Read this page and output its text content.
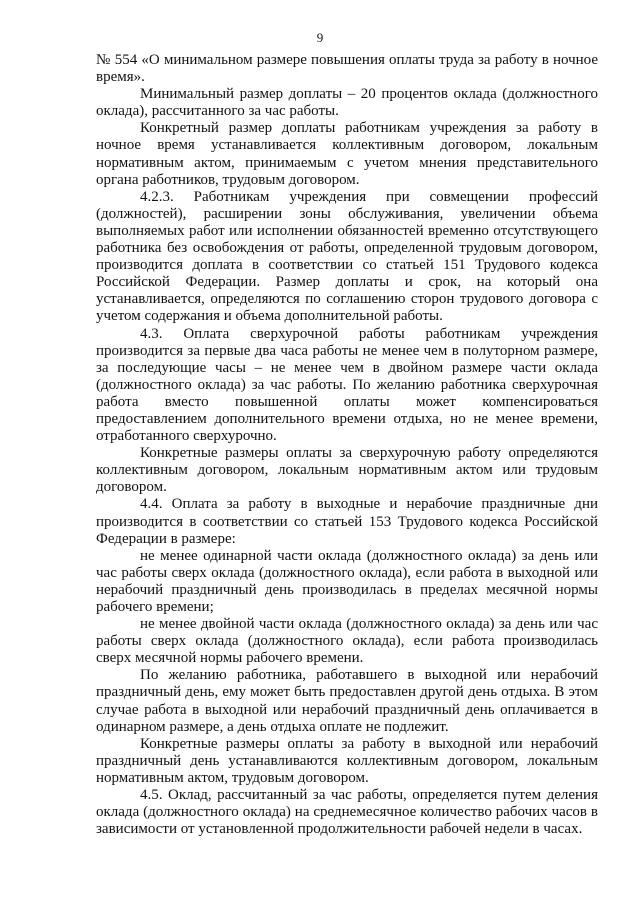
9

№ 554 «О минимальном размере повышения оплаты труда за работу в ночное время».

Минимальный размер доплаты – 20 процентов оклада (должностного оклада), рассчитанного за час работы.

Конкретный размер доплаты работникам учреждения за работу в ночное время устанавливается коллективным договором, локальным нормативным актом, принимаемым с учетом мнения представительного органа работников, трудовым договором.

4.2.3. Работникам учреждения при совмещении профессий (должностей), расширении зоны обслуживания, увеличении объема выполняемых работ или исполнении обязанностей временно отсутствующего работника без освобождения от работы, определенной трудовым договором, производится доплата в соответствии со статьей 151 Трудового кодекса Российской Федерации. Размер доплаты и срок, на который она устанавливается, определяются по соглашению сторон трудового договора с учетом содержания и объема дополнительной работы.

4.3. Оплата сверхурочной работы работникам учреждения производится за первые два часа работы не менее чем в полуторном размере, за последующие часы – не менее чем в двойном размере части оклада (должностного оклада) за час работы. По желанию работника сверхурочная работа вместо повышенной оплаты может компенсироваться предоставлением дополнительного времени отдыха, но не менее времени, отработанного сверхурочно.

Конкретные размеры оплаты за сверхурочную работу определяются коллективным договором, локальным нормативным актом или трудовым договором.

4.4. Оплата за работу в выходные и нерабочие праздничные дни производится в соответствии со статьей 153 Трудового кодекса Российской Федерации в размере:

не менее одинарной части оклада (должностного оклада) за день или час работы сверх оклада (должностного оклада), если работа в выходной или нерабочий праздничный день производилась в пределах месячной нормы рабочего времени;

не менее двойной части оклада (должностного оклада) за день или час работы сверх оклада (должностного оклада), если работа производилась сверх месячной нормы рабочего времени.

По желанию работника, работавшего в выходной или нерабочий праздничный день, ему может быть предоставлен другой день отдыха. В этом случае работа в выходной или нерабочий праздничный день оплачивается в одинарном размере, а день отдыха оплате не подлежит.

Конкретные размеры оплаты за работу в выходной или нерабочий праздничный день устанавливаются коллективным договором, локальным нормативным актом, трудовым договором.

4.5. Оклад, рассчитанный за час работы, определяется путем деления оклада (должностного оклада) на среднемесячное количество рабочих часов в зависимости от установленной продолжительности рабочей недели в часах.
